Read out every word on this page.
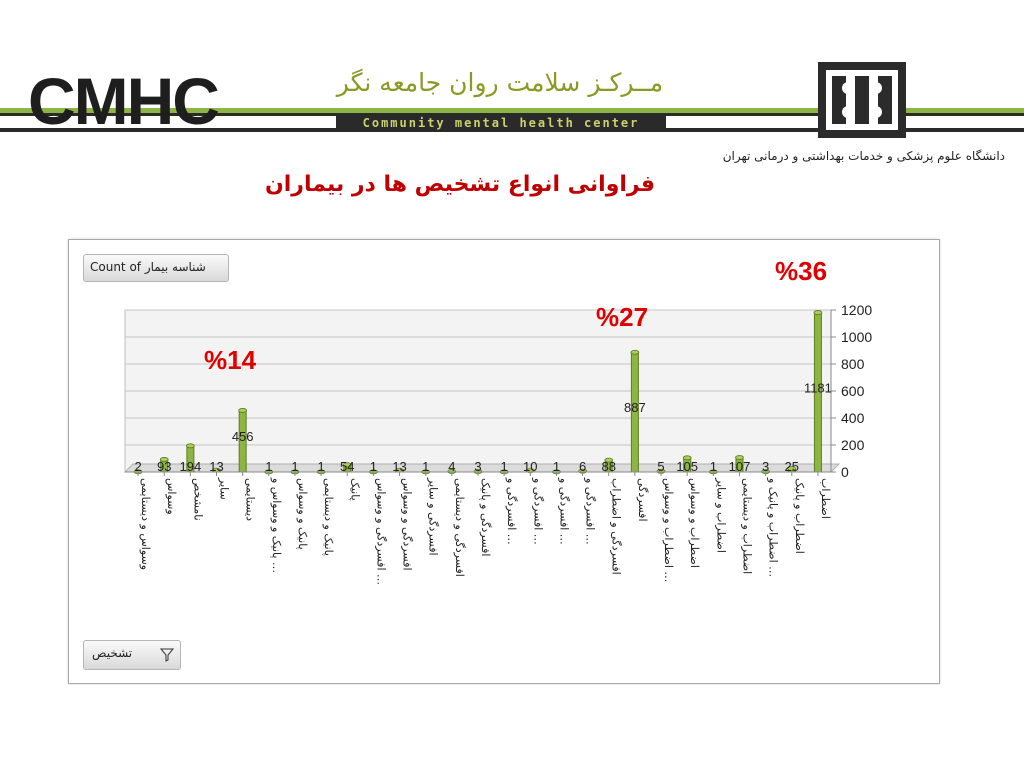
CMHC	مــرکـز سلامت روان جامعه نگر
Community mental health center
دانشگاه علوم پزشکی و خدمات بهداشتی و درمانی تهران
فراوانی انواع تشخیص ها در بیماران
0
200
400
600
800
1000
1200
2
وسواس و دیستایمی
93
وسواس
194
نامشخص
13
سایر
456
دیستایمی
1
پانیک و وسواس و …
1
پانیک و وسواس
1
پانیک و دیستایمی
54
پانیک
1
افسردگی و وسواس …
13
افسردگی و وسواس
1
افسردگی و سایر
4
افسردگی و دیستایمی
3
افسردگی و پانیک
1
افسردگی و …
10
افسردگی و …
1
افسردگی و …
6
افسردگی و …
88
افسردگی و اضطراب
887
افسردگی
5
اضطراب و وسواس …
105
اضطراب و وسواس
1
اضطراب و سایر
107
اضطراب و دیستایمی
3
اضطراب و پانیک و …
25
اضطراب و پانیک
1181
اضطراب
Count of شناسه بیمار
تشخیص
%14
%27
%36
